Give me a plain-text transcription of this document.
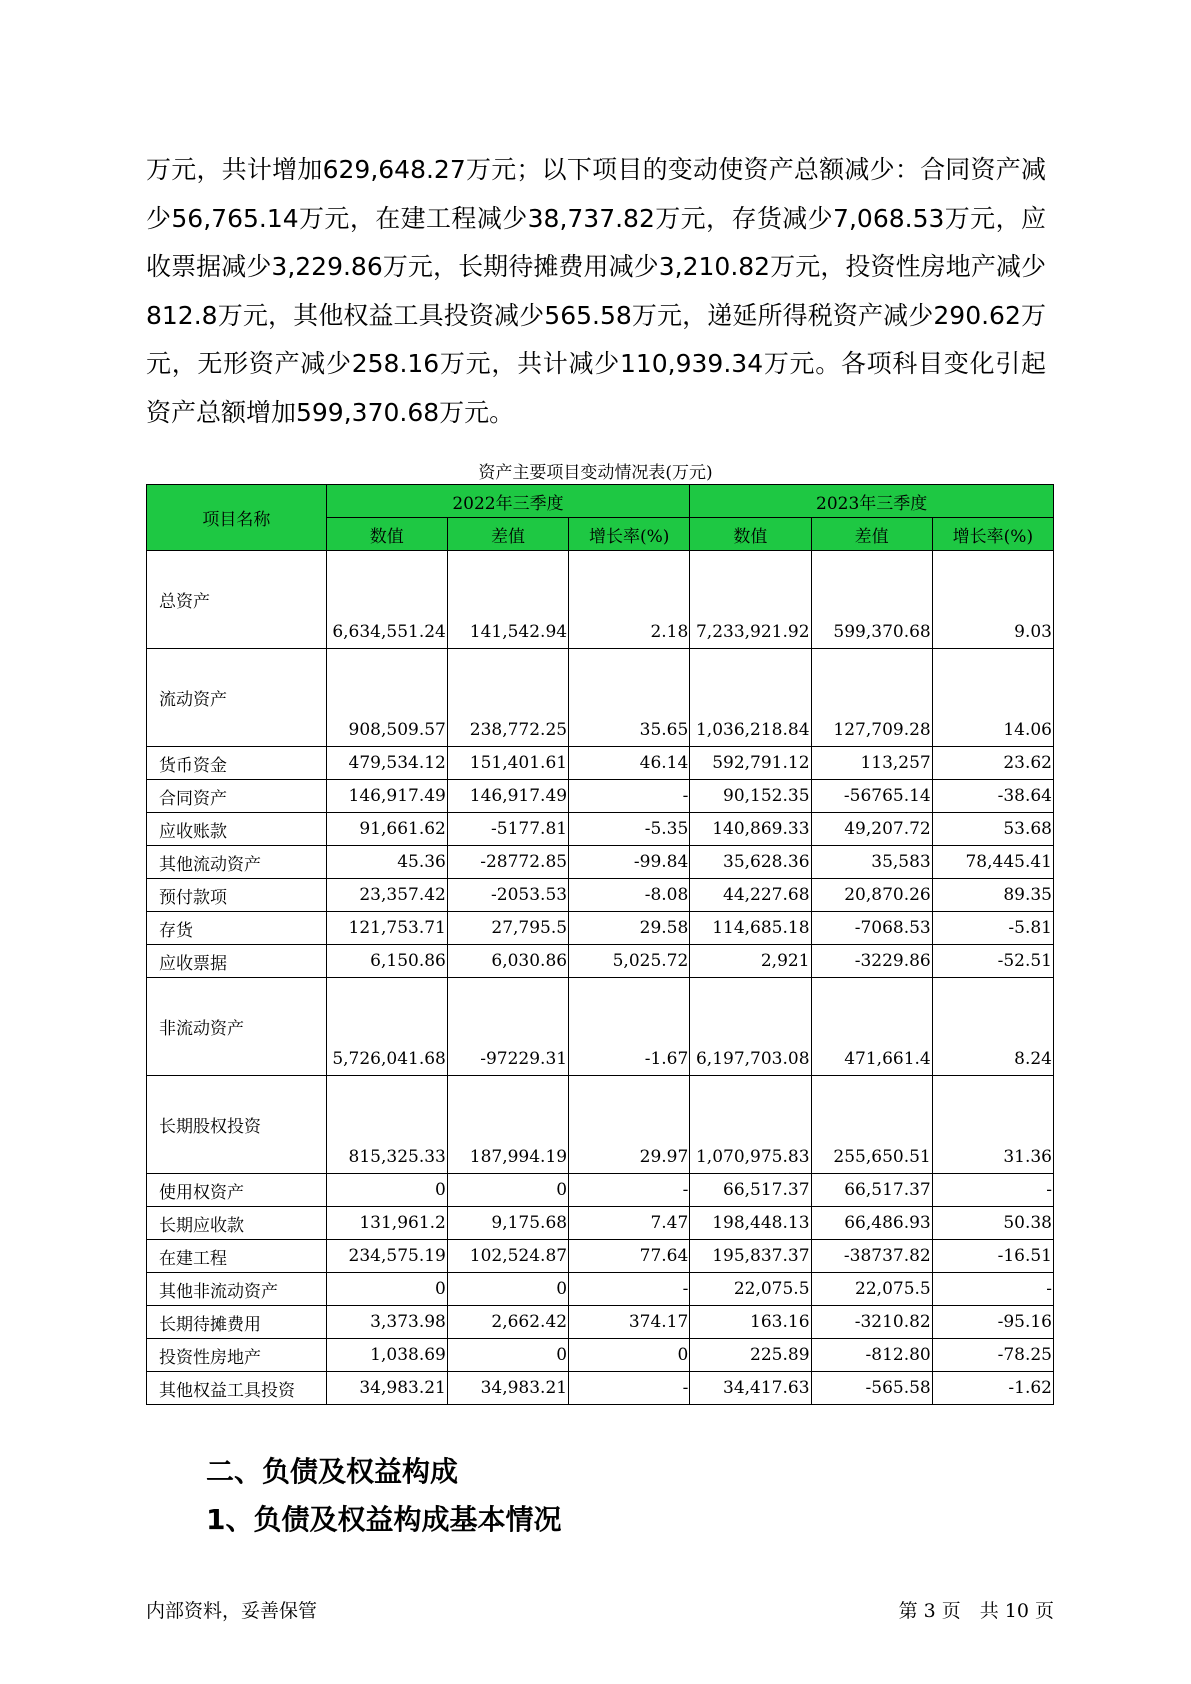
万元，共计增加629,648.27万元；以下项目的变动使资产总额减少：合同资产减少56,765.14万元，在建工程减少38,737.82万元，存货减少7,068.53万元，应收票据减少3,229.86万元，长期待摊费用减少3,210.82万元，投资性房地产减少812.8万元，其他权益工具投资减少565.58万元，递延所得税资产减少290.62万元，无形资产减少258.16万元，共计减少110,939.34万元。各项科目变化引起资产总额增加599,370.68万元。
资产主要项目变动情况表(万元)
项目名称	2022年三季度			2023年三季度		
	数值	差值	增长率(%)	数值	差值	增长率(%)
总资产	6,634,551.24	141,542.94	2.18	7,233,921.92	599,370.68	9.03
流动资产	908,509.57	238,772.25	35.65	1,036,218.84	127,709.28	14.06
货币资金	479,534.12	151,401.61	46.14	592,791.12	113,257	23.62
合同资产	146,917.49	146,917.49	-	90,152.35	-56765.14	-38.64
应收账款	91,661.62	-5177.81	-5.35	140,869.33	49,207.72	53.68
其他流动资产	45.36	-28772.85	-99.84	35,628.36	35,583	78,445.41
预付款项	23,357.42	-2053.53	-8.08	44,227.68	20,870.26	89.35
存货	121,753.71	27,795.5	29.58	114,685.18	-7068.53	-5.81
应收票据	6,150.86	6,030.86	5,025.72	2,921	-3229.86	-52.51
非流动资产	5,726,041.68	-97229.31	-1.67	6,197,703.08	471,661.4	8.24
长期股权投资	815,325.33	187,994.19	29.97	1,070,975.83	255,650.51	31.36
使用权资产	0	0	-	66,517.37	66,517.37	-
长期应收款	131,961.2	9,175.68	7.47	198,448.13	66,486.93	50.38
在建工程	234,575.19	102,524.87	77.64	195,837.37	-38737.82	-16.51
其他非流动资产	0	0	-	22,075.5	22,075.5	-
长期待摊费用	3,373.98	2,662.42	374.17	163.16	-3210.82	-95.16
投资性房地产	1,038.69	0	0	225.89	-812.80	-78.25
其他权益工具投资	34,983.21	34,983.21	-	34,417.63	-565.58	-1.62
二、负债及权益构成
1、负债及权益构成基本情况
内部资料，妥善保管	第 3 页　共 10 页
